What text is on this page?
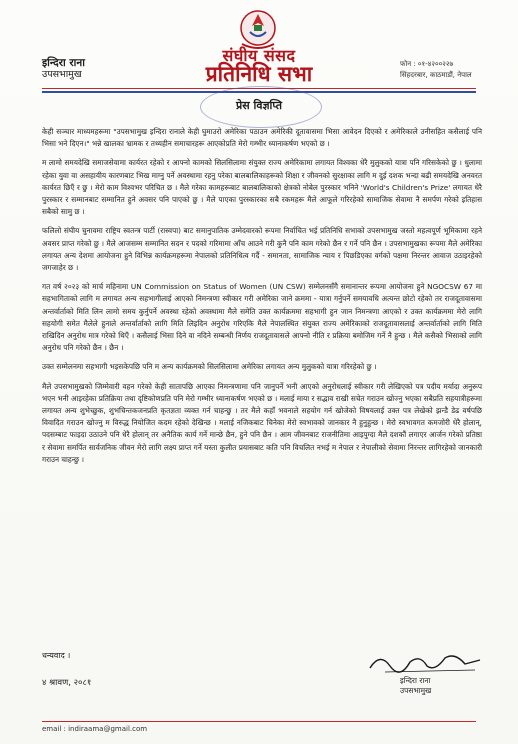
इन्दिरा राना
उपसभामुख
संघीय संसद
प्रतिनिधि सभा	फोन : ०१-४२००२२७
सिंहदरबार, काठमाडौं, नेपाल
प्रेस विज्ञप्ति

केही सञ्चार माध्यमहरूमा "उपसभामुख इन्दिरा रानाले केही घुमाउरो अमेरिका पठाउन अमेरिकी दूतावासमा भिसा आवेदन दिएको र अमेरिकाले उनीसहित कसैलाई पनि भिसा भने दिएन।" भन्ने खालका भ्रामक र तथ्यहीन समाचारहरू आएकोप्रति मेरो गम्भीर ध्यानाकर्षण भएको छ ।

म लामो समयदेखि समाजसेवामा कार्यरत रहेको र आफ्नो कामको सिलसिलामा संयुक्त राज्य अमेरिकामा लगायत विश्वका धेरै मुलुकको यात्रा पनि गरिसकेको छु । धुलामा रहेका युवा वा असहायीय कारणबाट भिख माग्नु पर्ने अवस्थामा रहनु परेका बालबालिकाहरूको शिक्षा र जीवनको सुरक्षाका लागि म दुई दशक भन्दा बढी समयदेखि अनवरत कार्यरत छिएँ र छु । मेरो काम विश्वभर परिचित छ । मैले गरेका कामहरूबाट बालबालिकाको क्षेत्रको नोबेल पुरस्कार भनिने 'World's Children's Prize' लगायत धेरै पुरस्कार र सम्मानबाट सम्मानित हुने अवसर पनि पाएको छु । मैले पाएका पुरस्कारका सबै रकमहरू मैले आफूले गरिरहेको सामाजिक सेवामा नै समर्पण गरेको इतिहास सबैको सामु छ ।

फलिलो संघीय चुनावमा राष्ट्रिय स्वतन्त्र पार्टी (रास्वपा) बाट समानुपातिक उम्मेदवारको रूपमा निर्वाचित भई प्रतिनिधि सभाको उपसभामुख जस्तो महत्वपूर्ण भूमिकामा रहने अवसर प्राप्त गरेको छु । मैले आजसम्म सम्मानित सदन र पदको गरिमामा आँच आउने गरी कुनै पनि काम गरेको छैन र गर्ने पनि छैन । उपसभामुखका रूपमा मैले अमेरिका लगायत अन्य देशमा आयोजना हुने विभिन्न कार्यक्रमहरूमा नेपालको प्रतिनिधित्व गर्दै - समानता, सामाजिक न्याय र पिछडिएका वर्गको पक्षमा निरन्तर आवाज उठाइरहेको जगजाहेर छ ।

गत वर्ष २०२३ को मार्च महिनामा UN Commission on Status of Women (UN CSW) सम्मेलनसँगै समानान्तर रूपमा आयोजना हुने NGOCSW 67 मा सहभागिताको लागि म लगायत अन्य सहभागीलाई आएको निमन्त्रणा स्वीकार गरी अमेरिका जाने क्रममा - यात्रा गर्नुपर्ने समयावधि अत्यन्त छोटो रहेको तर राजदूतावासमा अन्तर्वार्ताको मिति लिन लामो समय कुर्नुपर्ने अवस्था रहेको अवस्थामा मैले समेति उक्त कार्यक्रममा सहभागी हुन जान निमन्त्रणा आएको र उक्त कार्यक्रममा मेरो लागि सहयोगी समेत मैलेले हुनाले अन्तर्वार्ताको लागि मिति लिइदिन अनुरोध गरिएकि मैले नेपालस्थित संयुक्त राज्य अमेरिकाको राजदूतावासलाई अन्तर्वार्ताको लागि मिति राखिदिन अनुरोध मात्र गरेको थिएँ । कसैलाई भिसा दिने वा नदिने सम्बन्धी निर्णय राजदूतावासले आफ्नो नीति र प्रक्रिया बमोजिम गर्ने नै हुन्छ । मैले कसैको भिसाको लागि अनुरोध पनि गरेको छैन । छैन ।

उक्त सम्मेलनमा सहभागी भइसकेपछि पनि म अन्य कार्यक्रमको सिलसिलामा अमेरिका लगायत अन्य मुलुकको यात्रा गरिरहेको छु ।

मैले उपसभामुखको जिम्मेवारी वहन गरेको केही सातापछि आएका निमन्त्रणामा पनि जानुपर्ने भनी आएको अनुरोधलाई स्वीकार गरी लेखिएको पत्र पदीय मर्यादा अनुरूप भएन भनी आइरहेका प्रतिक्रिया तथा दृष्टिकोणप्रति पनि मेरो गम्भीर ध्यानाकर्षण भएको छ । मलाई माया र सद्भाव राखी सचेत गराउन खोज्नु भएका सबैप्रति सहयात्रीहरूमा लगायत अन्य शुभेच्छुक, शुभचिन्तकजनप्रति कृतज्ञता व्यक्त गर्न चाहन्छु । तर मैले कहाँ भवनाले सहयोग गर्न खोजेको विषयलाई उक्त पत्र लेखेको झन्डै डेढ वर्षपछि विवादित गराउन खोज्नु म विरुद्ध नियोजित कदम रहेको देखिन्छ । मलाई नजिकबाट चिनेका मेरो स्वभावको जानकार नै हुनुहुन्छ । मेरो स्वभावगत कमजोरी धेरै होलान्, पदसम्बाट फाइदा उठाउने पनि धेरै होलान् तर अनैतिक कार्य गर्ने मान्छे छैन, हुने पनि छैन । आम जीवनबाट राजनीतिमा आइपुग्दा मैले दशकौं लगाएर आर्जन गरेको प्रतिष्ठा र सेवामा समर्पित सार्वजनिक जीवन मेरो लागि लक्ष्य प्राप्त गर्ने यस्ता कुलीत प्रयासबाट कति पनि विचलित नभई म नेपाल र नेपालीको सेवामा निरन्तर लागिरहेको जानकारी गराउन चाहन्छु ।

धन्यवाद ।
इन्दिरा राना
उपसभामुख
४ श्रावण, २०८१
email : indiraama@gmail.com
